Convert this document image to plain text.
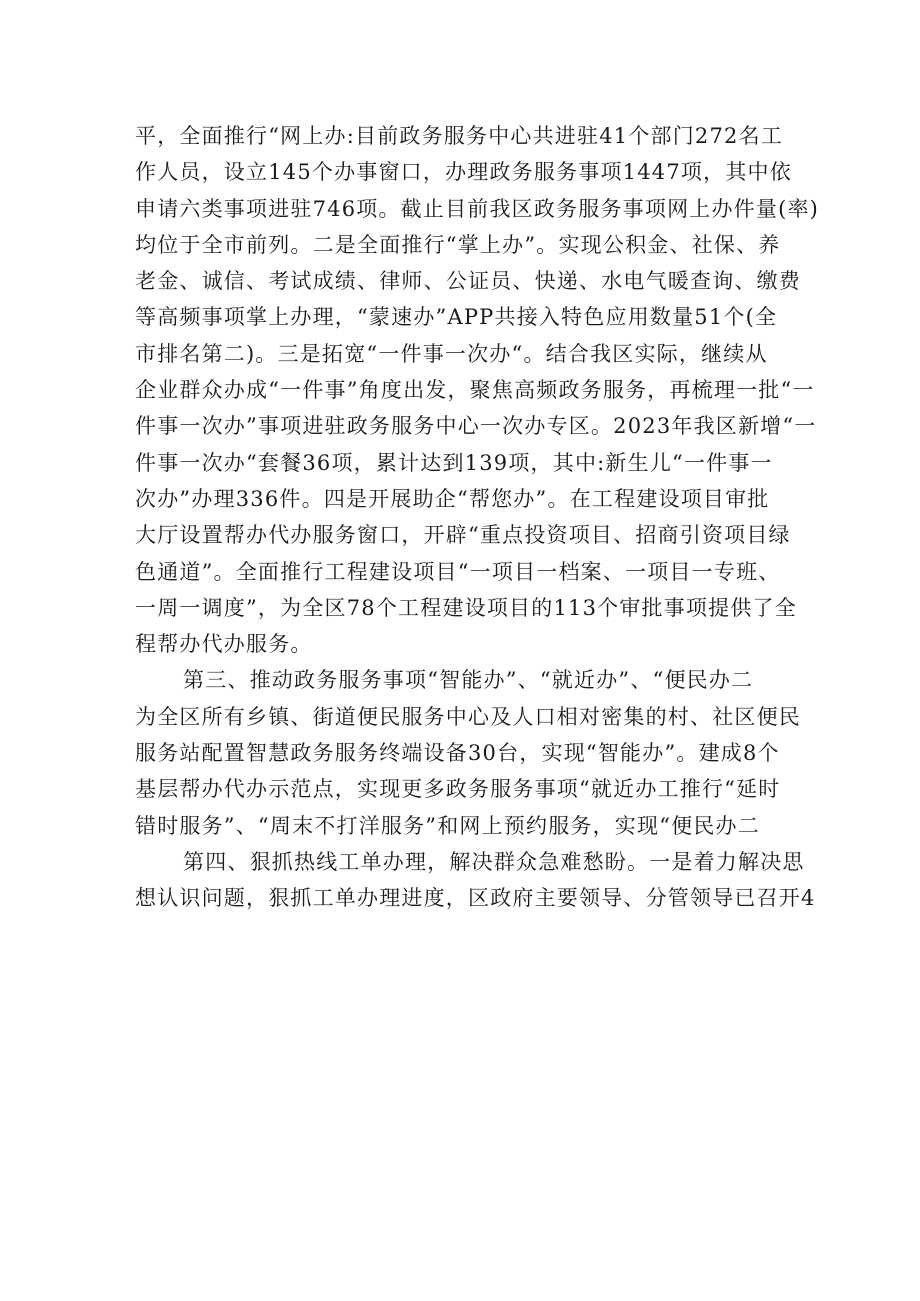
平，全面推行“网上办:目前政务服务中心共进驻41个部门272名工
作人员，设立145个办事窗口，办理政务服务事项1447项，其中依
申请六类事项进驻746项。截止目前我区政务服务事项网上办件量(率)
均位于全市前列。二是全面推行“掌上办”。实现公积金、社保、养
老金、诚信、考试成绩、律师、公证员、快递、水电气暖查询、缴费
等高频事项掌上办理，“蒙速办”APP共接入特色应用数量51个(全
市排名第二)。三是拓宽“一件事一次办“。结合我区实际，继续从
企业群众办成“一件事”角度出发，聚焦高频政务服务，再梳理一批“一
件事一次办”事项进驻政务服务中心一次办专区。2023年我区新增“一
件事一次办“套餐36项，累计达到139项，其中:新生儿“一件事一
次办”办理336件。四是开展助企“帮您办”。在工程建设项目审批
大厅设置帮办代办服务窗口，开辟“重点投资项目、招商引资项目绿
色通道”。全面推行工程建设项目“一项目一档案、一项目一专班、
一周一调度”，为全区78个工程建设项目的113个审批事项提供了全
程帮办代办服务。

第三、推动政务服务事项“智能办”、“就近办”、“便民办二
为全区所有乡镇、街道便民服务中心及人口相对密集的村、社区便民
服务站配置智慧政务服务终端设备30台，实现“智能办”。建成8个
基层帮办代办示范点，实现更多政务服务事项“就近办工推行“延时
错时服务”、“周末不打洋服务”和网上预约服务，实现“便民办二

第四、狠抓热线工单办理，解决群众急难愁盼。一是着力解决思
想认识问题，狠抓工单办理进度，区政府主要领导、分管领导已召开4
